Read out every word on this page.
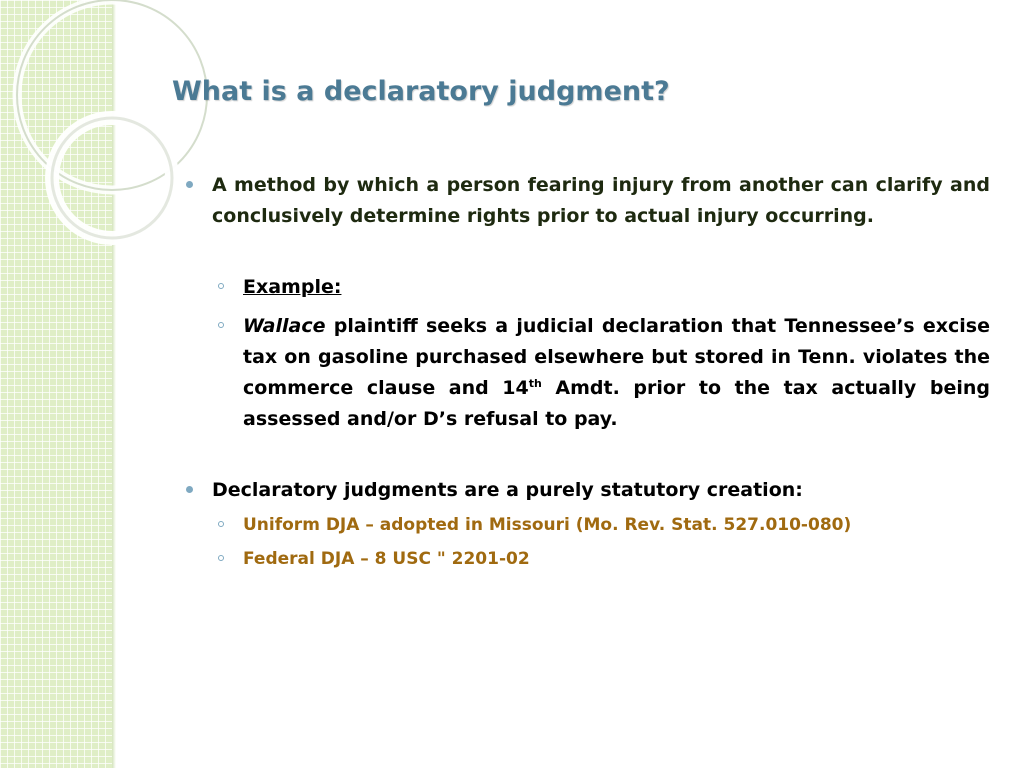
What is a declaratory judgment?
A method by which a person fearing injury from another can clarify and conclusively determine rights prior to actual injury occurring.
Example:
Wallace plaintiff seeks a judicial declaration that Tennessee’s excise tax on gasoline purchased elsewhere but stored in Tenn. violates the commerce clause and 14th Amdt. prior to the tax actually being assessed and/or D’s refusal to pay.
Declaratory judgments are a purely statutory creation:
Uniform DJA – adopted in Missouri (Mo. Rev. Stat. 527.010-080)
Federal DJA – 8 USC " 2201-02
